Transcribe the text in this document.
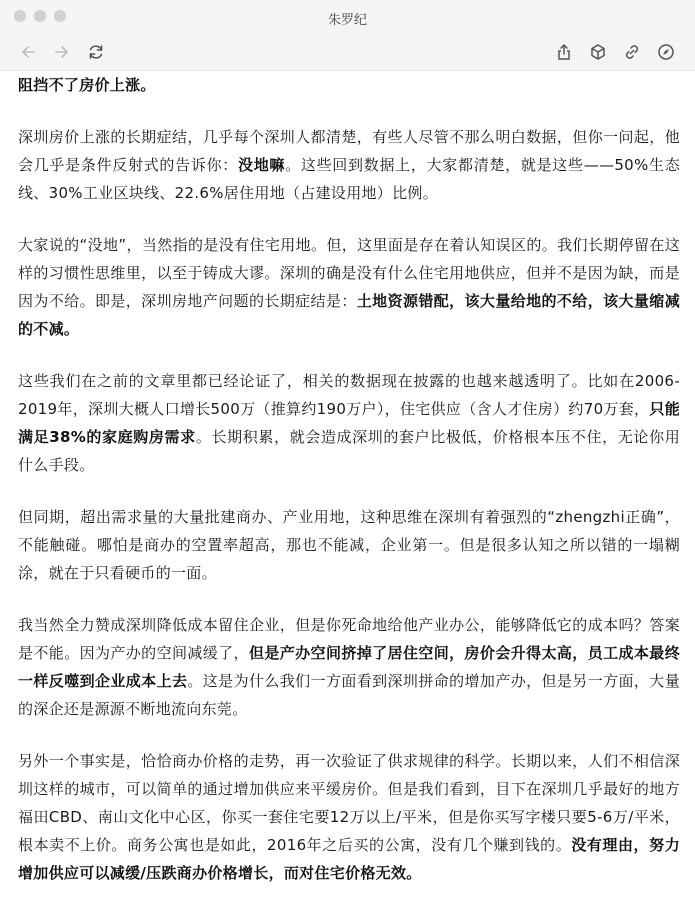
朱罗纪

阻挡不了房价上涨。

深圳房价上涨的长期症结，几乎每个深圳人都清楚，有些人尽管不那么明白数据，但你一问起，他会几乎是条件反射式的告诉你：没地嘛。这些回到数据上，大家都清楚，就是这些——50%生态线、30%工业区块线、22.6%居住用地（占建设用地）比例。

大家说的“没地”，当然指的是没有住宅用地。但，这里面是存在着认知误区的。我们长期停留在这样的习惯性思维里，以至于铸成大谬。深圳的确是没有什么住宅用地供应，但并不是因为缺，而是因为不给。即是，深圳房地产问题的长期症结是：土地资源错配，该大量给地的不给，该大量缩减的不减。

这些我们在之前的文章里都已经论证了，相关的数据现在披露的也越来越透明了。比如在2006-2019年，深圳大概人口增长500万（推算约190万户），住宅供应（含人才住房）约70万套，只能满足38%的家庭购房需求。长期积累，就会造成深圳的套户比极低，价格根本压不住，无论你用什么手段。

但同期，超出需求量的大量批建商办、产业用地，这种思维在深圳有着强烈的“zhengzhi正确”，不能触碰。哪怕是商办的空置率超高，那也不能减，企业第一。但是很多认知之所以错的一塌糊涂，就在于只看硬币的一面。

我当然全力赞成深圳降低成本留住企业，但是你死命地给他产业办公，能够降低它的成本吗？答案是不能。因为产办的空间减缓了，但是产办空间挤掉了居住空间，房价会升得太高，员工成本最终一样反噬到企业成本上去。这是为什么我们一方面看到深圳拼命的增加产办，但是另一方面，大量的深企还是源源不断地流向东莞。

另外一个事实是，恰恰商办价格的走势，再一次验证了供求规律的科学。长期以来，人们不相信深圳这样的城市，可以简单的通过增加供应来平缓房价。但是我们看到，目下在深圳几乎最好的地方福田CBD、南山文化中心区，你买一套住宅要12万以上/平米，但是你买写字楼只要5-6万/平米，根本卖不上价。商务公寓也是如此，2016年之后买的公寓，没有几个赚到钱的。没有理由，努力增加供应可以减缓/压跌商办价格增长，而对住宅价格无效。
